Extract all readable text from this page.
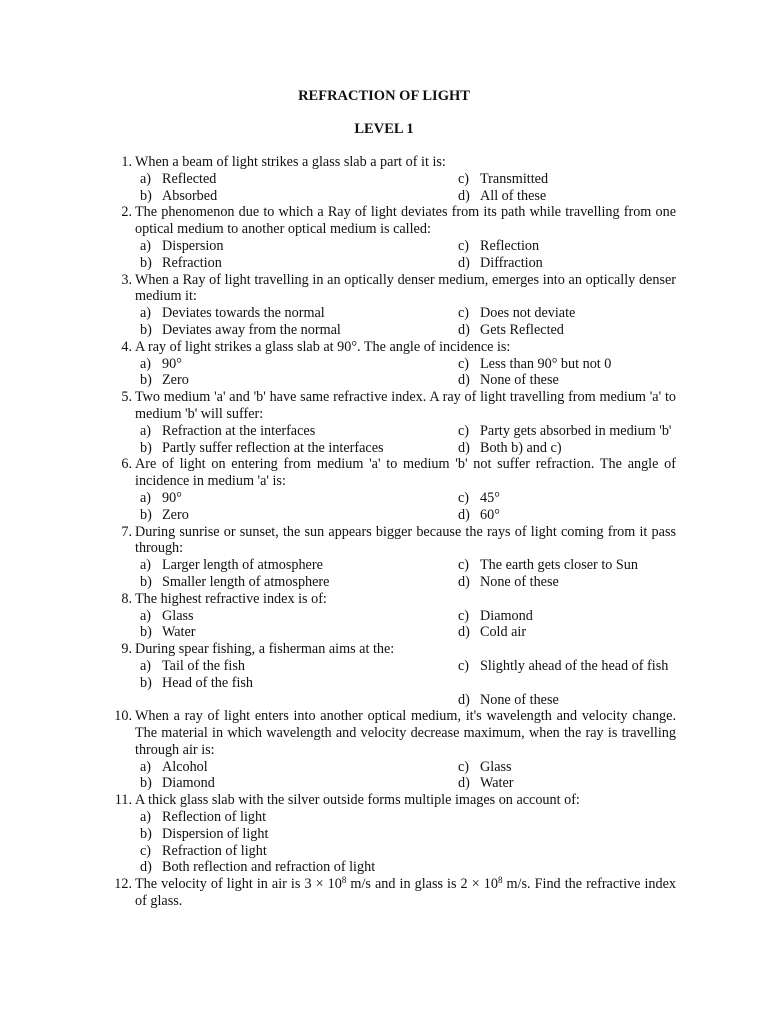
REFRACTION OF LIGHT
LEVEL 1
1. When a beam of light strikes a glass slab a part of it is:
a) Reflected	c) Transmitted
b) Absorbed	d) All of these
2. The phenomenon due to which a Ray of light deviates from its path while travelling from one optical medium to another optical medium is called:
a) Dispersion	c) Reflection
b) Refraction	d) Diffraction
3. When a Ray of light travelling in an optically denser medium, emerges into an optically denser medium it:
a) Deviates towards the normal	c) Does not deviate
b) Deviates away from the normal	d) Gets Reflected
4. A ray of light strikes a glass slab at 90°. The angle of incidence is:
a) 90°	c) Less than 90° but not 0
b) Zero	d) None of these
5. Two medium 'a' and 'b' have same refractive index. A ray of light travelling from medium 'a' to medium 'b' will suffer:
a) Refraction at the interfaces	c) Party gets absorbed in medium 'b'
b) Partly suffer reflection at the interfaces	d) Both b) and c)
6. Are of light on entering from medium 'a' to medium 'b' not suffer refraction. The angle of incidence in medium 'a' is:
a) 90°	c) 45°
b) Zero	d) 60°
7. During sunrise or sunset, the sun appears bigger because the rays of light coming from it pass through:
a) Larger length of atmosphere	c) The earth gets closer to Sun
b) Smaller length of atmosphere	d) None of these
8. The highest refractive index is of:
a) Glass	c) Diamond
b) Water	d) Cold air
9. During spear fishing, a fisherman aims at the:
a) Tail of the fish	c) Slightly ahead of the head of fish
b) Head of the fish
d) None of these
10. When a ray of light enters into another optical medium, it's wavelength and velocity change. The material in which wavelength and velocity decrease maximum, when the ray is travelling through air is:
a) Alcohol	c) Glass
b) Diamond	d) Water
11. A thick glass slab with the silver outside forms multiple images on account of:
a) Reflection of light
b) Dispersion of light
c) Refraction of light
d) Both reflection and refraction of light
12. The velocity of light in air is $3 \times 10^8$ m/s and in glass is $2 \times 10^8$ m/s. Find the refractive index of glass.
